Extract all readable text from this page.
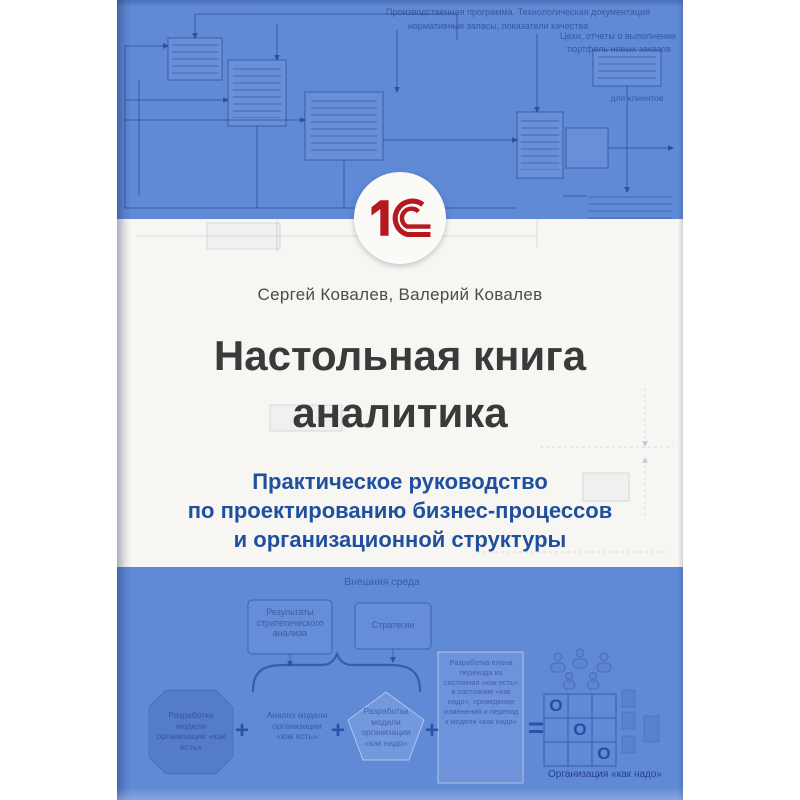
Производственная программа. Технологическая документация
нормативные запасы, показатели качества
Цехи, отчеты о выполнении
портфель новых заказов
для клиентов
Сергей Ковалев, Валерий Ковалев
Настольная книга
аналитика
Практическое руководство
по проектированию бизнес-процессов
и организационной структуры
Внешняя среда
Результаты стратегического анализа
Стратегии
Разработка модели организации «как есть»
+
Анализ модели организации «как есть» +
Разработка модели организации «как надо» +
Разработка плана перехода из состояния «как есть» в состояние «как надо», проведение изменений и переход к модели «как надо» =
О
О
О
Организация «как надо»
